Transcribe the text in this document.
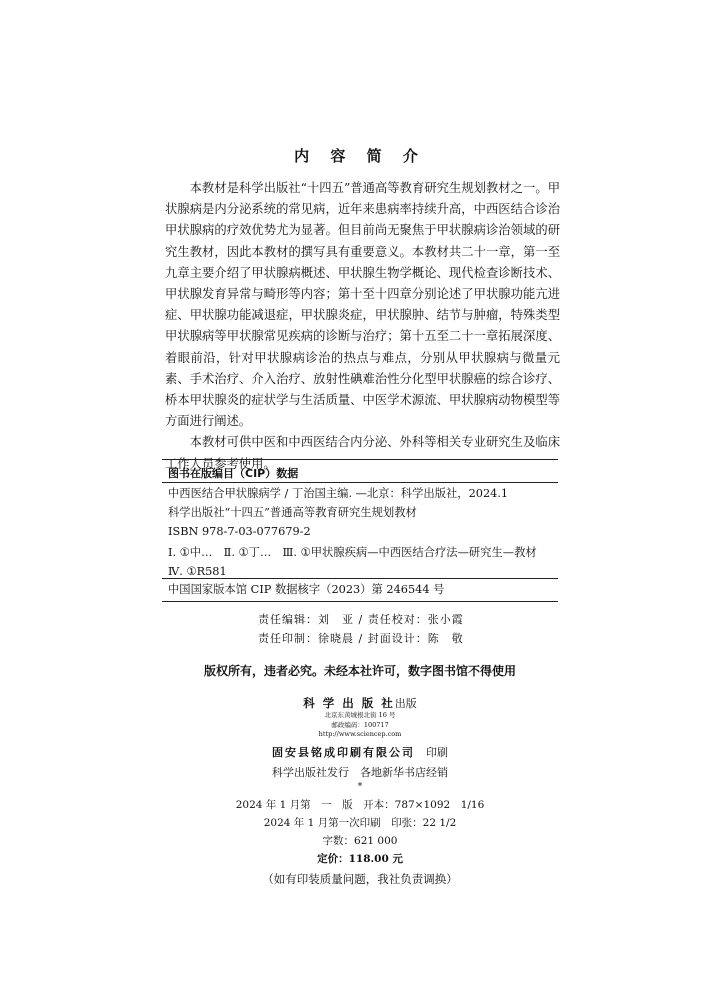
内 容 简 介

本教材是科学出版社“十四五”普通高等教育研究生规划教材之一。甲状腺病是内分泌系统的常见病，近年来患病率持续升高，中西医结合诊治甲状腺病的疗效优势尤为显著。但目前尚无聚焦于甲状腺病诊治领域的研究生教材，因此本教材的撰写具有重要意义。本教材共二十一章，第一至九章主要介绍了甲状腺病概述、甲状腺生物学概论、现代检查诊断技术、甲状腺发育异常与畸形等内容；第十至十四章分别论述了甲状腺功能亢进症、甲状腺功能减退症，甲状腺炎症，甲状腺肿、结节与肿瘤，特殊类型甲状腺病等甲状腺常见疾病的诊断与治疗；第十五至二十一章拓展深度、着眼前沿，针对甲状腺病诊治的热点与难点，分别从甲状腺病与微量元素、手术治疗、介入治疗、放射性碘难治性分化型甲状腺癌的综合诊疗、桥本甲状腺炎的症状学与生活质量、中医学术源流、甲状腺病动物模型等方面进行阐述。

本教材可供中医和中西医结合内分泌、外科等相关专业研究生及临床工作人员参考使用。

图书在版编目（CIP）数据
中西医结合甲状腺病学 / 丁治国主编. —北京：科学出版社，2024.1
科学出版社“十四五”普通高等教育研究生规划教材
ISBN 978-7-03-077679-2
Ⅰ. ①中…　Ⅱ. ①丁…　Ⅲ. ①甲状腺疾病—中西医结合疗法—研究生—教材　Ⅳ. ①R581
中国国家版本馆 CIP 数据核字（2023）第 246544 号
责任编辑：刘　亚 / 责任校对：张小霞
责任印制：徐晓晨 / 封面设计：陈　敬
版权所有，违者必究。未经本社许可，数字图书馆不得使用
科 学 出 版 社出版
北京东黄城根北街 16 号
邮政编码：100717
http://www.sciencep.com
固安县铭成印刷有限公司　 印刷
科学出版社发行　各地新华书店经销
*
2024 年 1 月第　一　版　开本：787×1092　1/16
2024 年 1 月第一次印刷　印张：22 1/2
字数：621 000
定价：118.00 元
（如有印装质量问题，我社负责调换）
